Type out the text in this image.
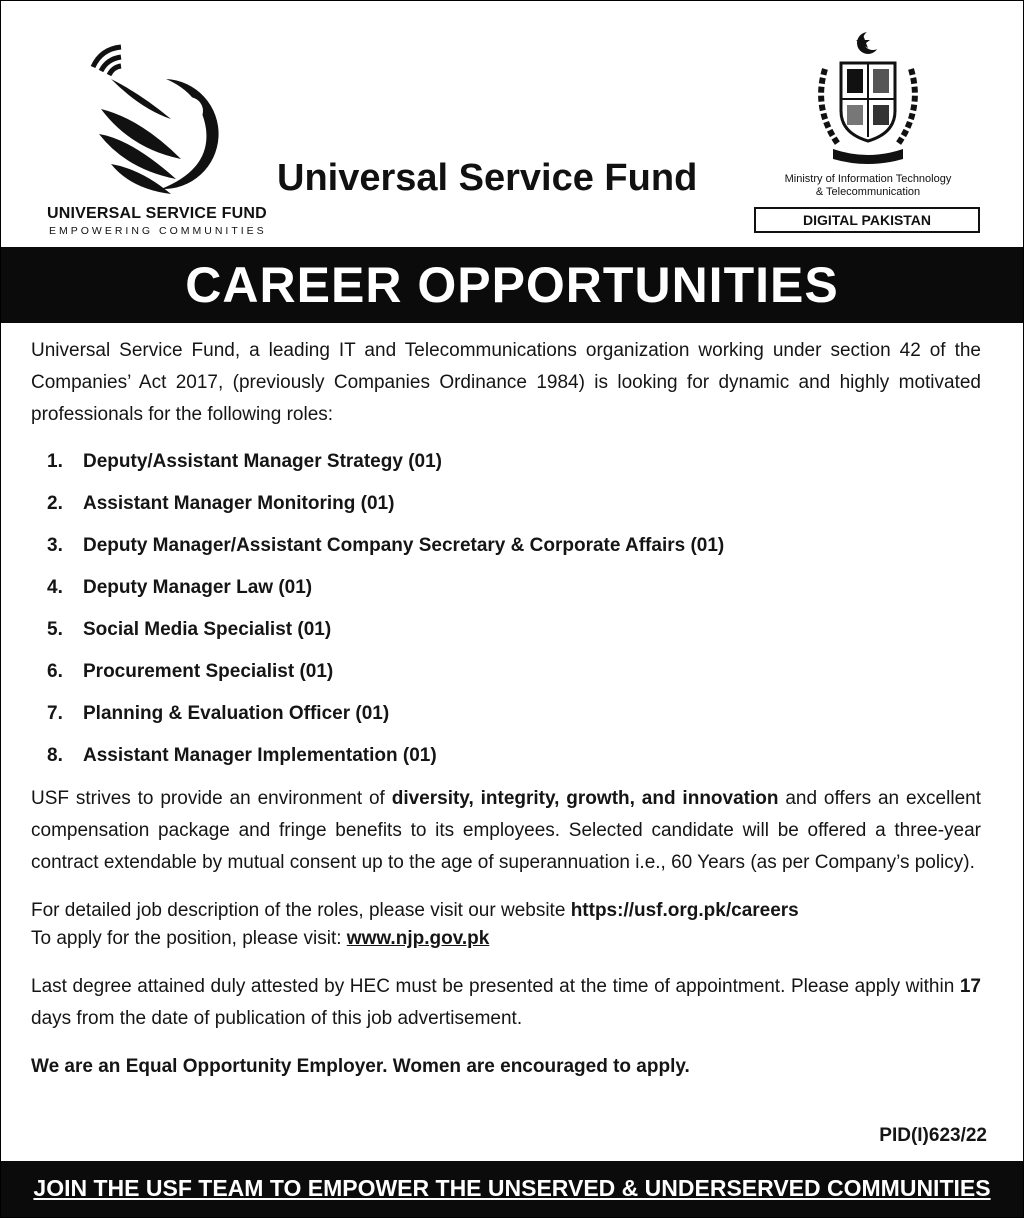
UNIVERSAL SERVICE FUND
EMPOWERING COMMUNITIES
Universal Service Fund	Ministry of Information Technology
& Telecommunication
DIGITAL PAKISTAN
CAREER OPPORTUNITIES

Universal Service Fund, a leading IT and Telecommunications organization working under section 42 of the Companies’ Act 2017, (previously Companies Ordinance 1984) is looking for dynamic and highly motivated professionals for the following roles:

1.	Deputy/Assistant Manager Strategy (01)
2.	Assistant Manager Monitoring (01)
3.	Deputy Manager/Assistant Company Secretary & Corporate Affairs (01)
4.	Deputy Manager Law (01)
5.	Social Media Specialist (01)
6.	Procurement Specialist (01)
7.	Planning & Evaluation Officer (01)
8.	Assistant Manager Implementation (01)

USF strives to provide an environment of diversity, integrity, growth, and innovation and offers an excellent compensation package and fringe benefits to its employees. Selected candidate will be offered a three-year contract extendable by mutual consent up to the age of superannuation i.e., 60 Years (as per Company’s policy).

For detailed job description of the roles, please visit our website https://usf.org.pk/careers

To apply for the position, please visit: www.njp.gov.pk

Last degree attained duly attested by HEC must be presented at the time of appointment. Please apply within 17 days from the date of publication of this job advertisement.

We are an Equal Opportunity Employer. Women are encouraged to apply.

PID(I)623/22
JOIN THE USF TEAM TO EMPOWER THE UNSERVED & UNDERSERVED COMMUNITIES
